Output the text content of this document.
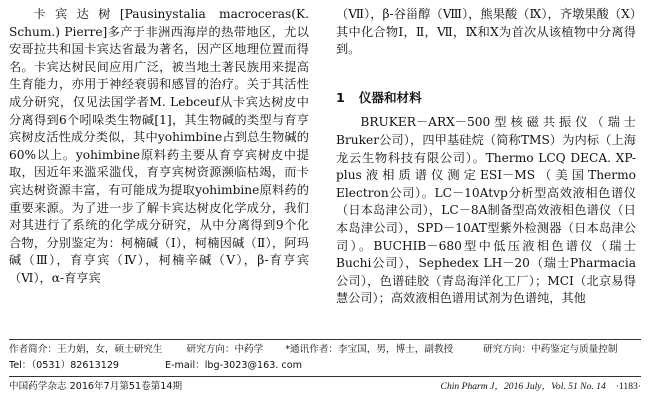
卡宾达树[Pausinystalia macroceras(K. Schum.) Pierre]多产于非洲西海岸的热带地区，尤以安哥拉共和国卡宾达省最为著名，因产区地理位置而得名。卡宾达树民间应用广泛，被当地土著民族用来提高生育能力，亦用于神经衰弱和感冒的治疗。关于其活性成分研究，仅见法国学者M. Lebceuf从卡宾达树皮中分离得到6个吲哚类生物碱[1]，其生物碱的类型与育亨宾树皮活性成分类似，其中yohimbine占到总生物碱的60%以上。yohimbine原料药主要从育亨宾树皮中提取，因近年来滥采滥伐，育亨宾树资源濒临枯竭，而卡宾达树资源丰富，有可能成为提取yohimbine原料药的重要来源。为了进一步了解卡宾达树皮化学成分，我们对其进行了系统的化学成分研究，从中分离得到9个化合物，分别鉴定为：柯楠碱（Ⅰ），柯楠因碱（Ⅱ），阿玛碱（Ⅲ），育亨宾（Ⅳ），柯楠辛碱（Ⅴ），β-育亨宾（Ⅵ），α-育亨宾

（Ⅶ），β-谷甾醇（Ⅷ），熊果酸（Ⅸ），齐墩果酸（Ⅹ）其中化合物Ⅰ，Ⅱ，Ⅶ，Ⅸ和Ⅹ为首次从该植物中分离得到。

1 仪器和材料

BRUKER－ARX－500型核磁共振仪（瑞士Bruker公司），四甲基硅烷（简称TMS）为内标（上海龙云生物科技有限公司）。Thermo LCQ DECA. XP-plus液相质谱仪测定ESI－MS（美国Thermo Electron公司）。LC－10Atvp分析型高效液相色谱仪（日本岛津公司），LC－8A制备型高效液相色谱仪（日本岛津公司），SPD－10AT型紫外检测器（日本岛津公司）。BUCHIB－680型中低压液相色谱仪（瑞士Buchi公司），Sephedex LH－20（瑞士Pharmacia公司），色谱硅胶（青岛海洋化工厂）；MCI（北京易得慧公司）；高效液相色谱用试剂为色谱纯，其他

作者简介： 王力娟，女，硕士研究生	研究方向： 中药学 *通讯作者： 李宝国，男，博士，副教授	研究方向： 中药鉴定与质量控制
Tel：（0531）82613129	E-mail：lbg-3023@163. com
中国药学杂志 2016年7月第51卷第14期	Chin Pharm J，2016 July，Vol. 51 No. 14 ·1183·
